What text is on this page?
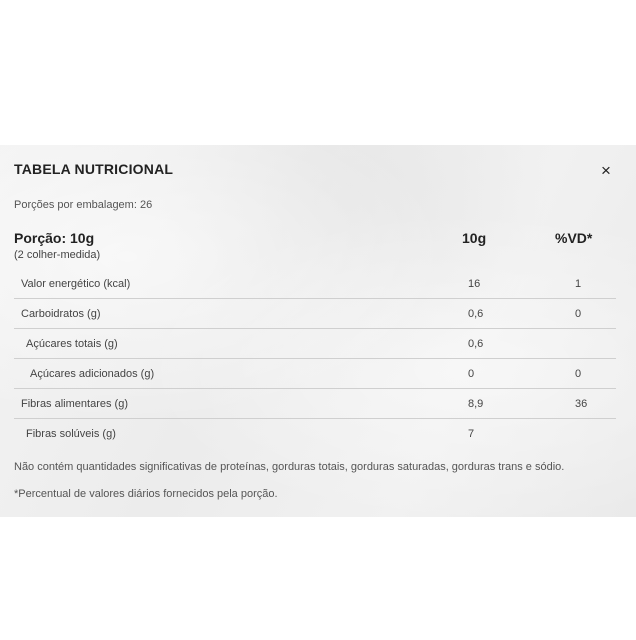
TABELA NUTRICIONAL	×
Porções por embalagem: 26
Porção: 10g
(2 colher-medida)
10g	%VD*
Valor energético (kcal)	16	1
Carboidratos (g)	0,6	0
Açúcares totais (g)	0,6
Açúcares adicionados (g)	0	0
Fibras alimentares (g)	8,9	36
Fibras solúveis (g)	7
Não contém quantidades significativas de proteínas, gorduras totais, gorduras saturadas, gorduras trans e sódio.
*Percentual de valores diários fornecidos pela porção.
